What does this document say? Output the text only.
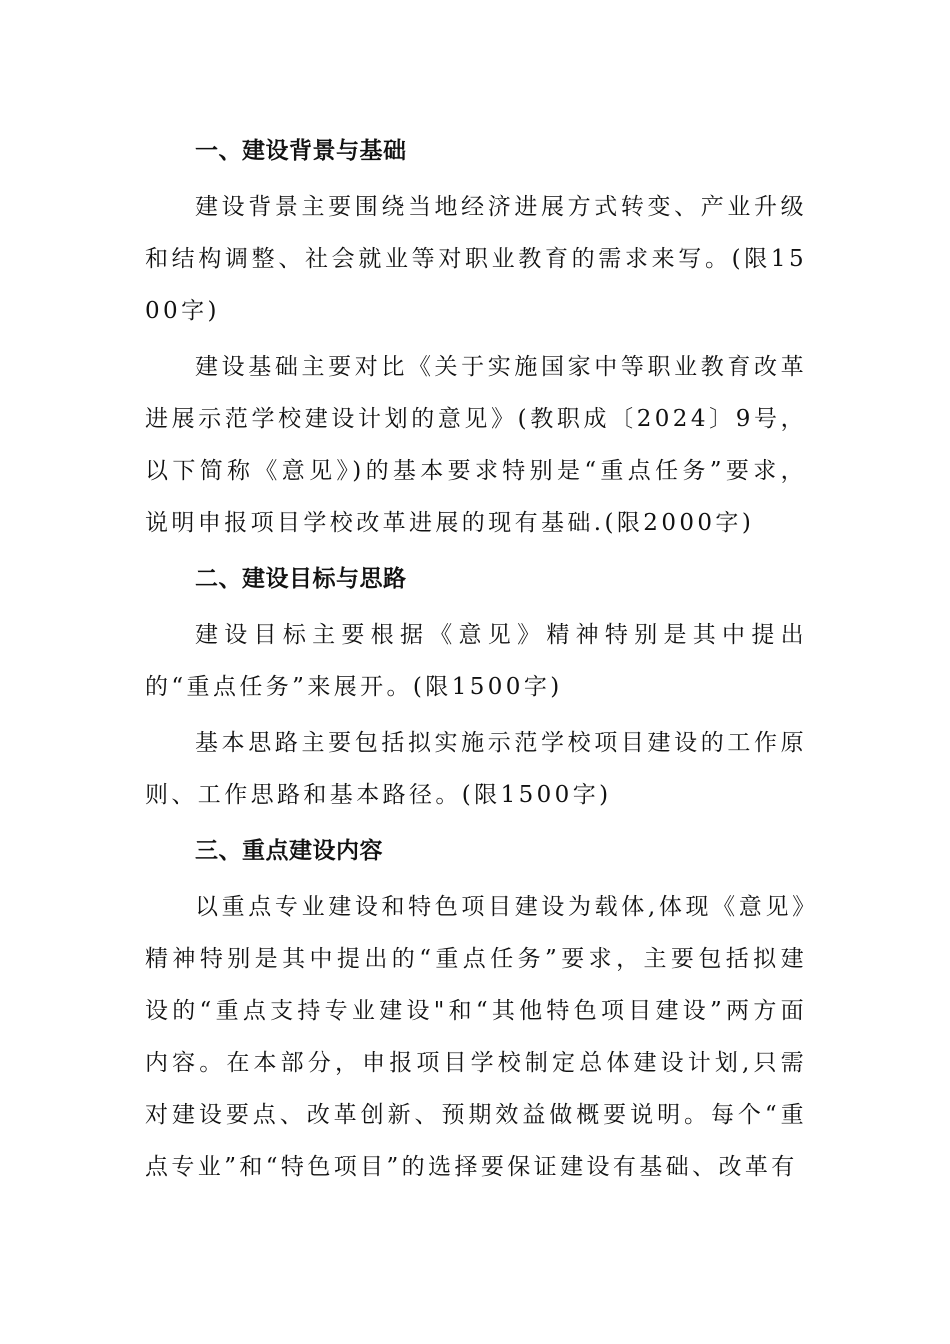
一、建设背景与基础

建设背景主要围绕当地经济进展方式转变、产业升级和结构调整、社会就业等对职业教育的需求来写。(限1500字)

建设基础主要对比《关于实施国家中等职业教育改革进展示范学校建设计划的意见》(教职成〔2024〕9号，以下简称《意见》)的基本要求特别是“重点任务”要求，说明申报项目学校改革进展的现有基础.(限2000字)

二、建设目标与思路

建设目标主要根据《意见》精神特别是其中提出的“重点任务”来展开。(限1500字)

基本思路主要包括拟实施示范学校项目建设的工作原则、工作思路和基本路径。(限1500字)

三、重点建设内容

以重点专业建设和特色项目建设为载体,体现《意见》精神特别是其中提出的“重点任务”要求，主要包括拟建设的“重点支持专业建设"和“其他特色项目建设”两方面内容。在本部分，申报项目学校制定总体建设计划,只需对建设要点、改革创新、预期效益做概要说明。每个“重点专业”和“特色项目”的选择要保证建设有基础、改革有
